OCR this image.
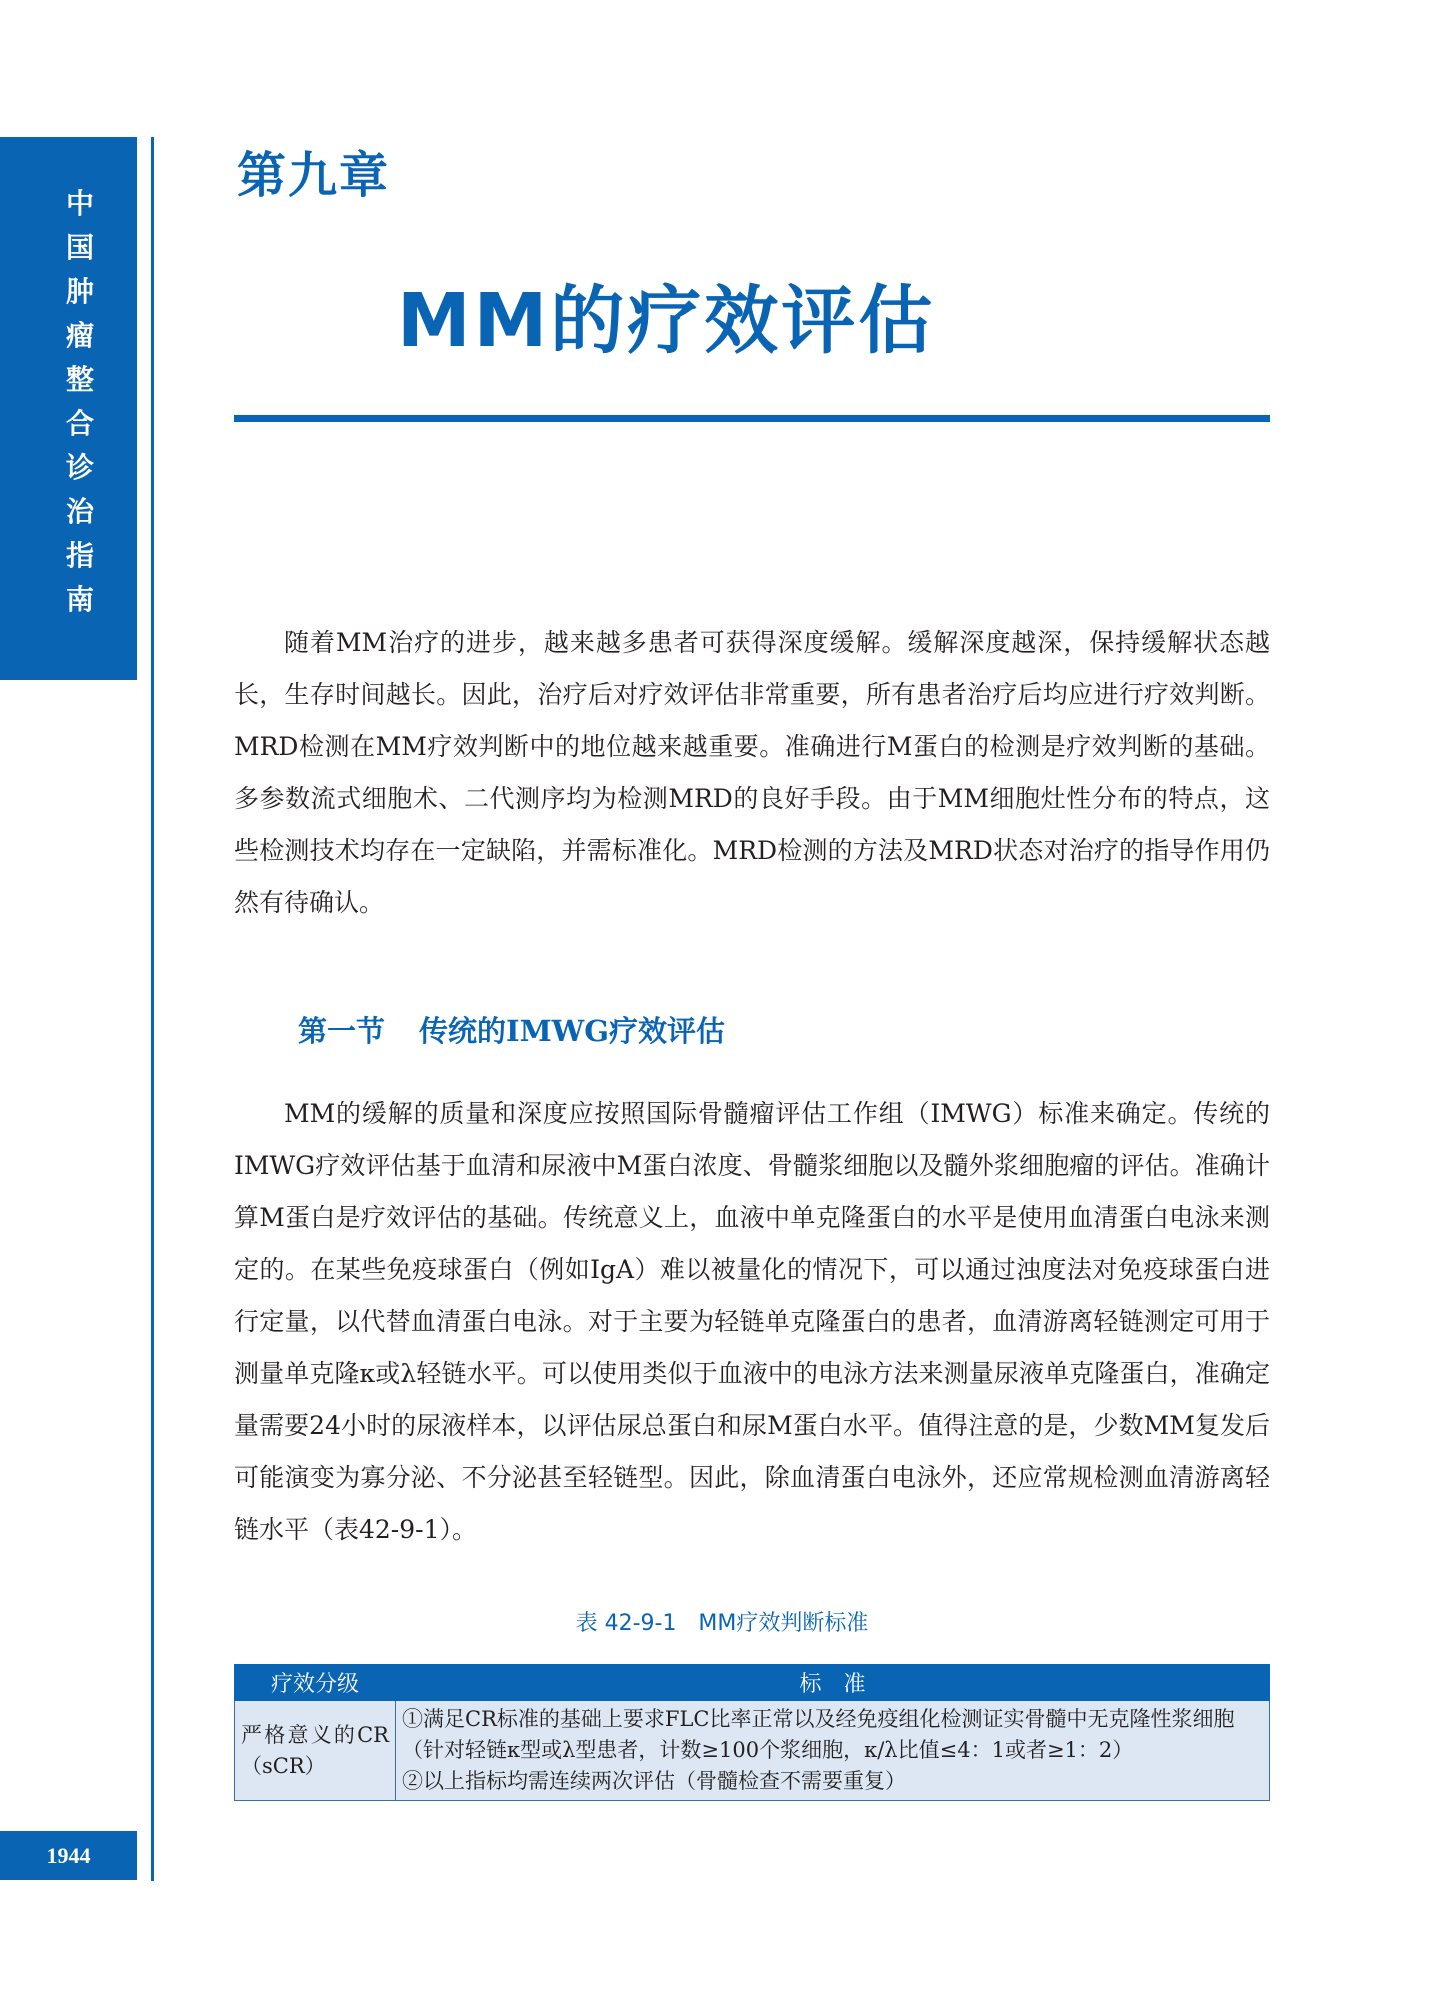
中
国
肿
瘤
整
合
诊
治
指
南
1944
第九章
MM的疗效评估

随着MM治疗的进步，越来越多患者可获得深度缓解。缓解深度越深，保持缓解状态越长，生存时间越长。因此，治疗后对疗效评估非常重要，所有患者治疗后均应进行疗效判断。MRD检测在MM疗效判断中的地位越来越重要。准确进行M蛋白的检测是疗效判断的基础。多参数流式细胞术、二代测序均为检测MRD的良好手段。由于MM细胞灶性分布的特点，这些检测技术均存在一定缺陷，并需标准化。MRD检测的方法及MRD状态对治疗的指导作用仍然有待确认。

第一节 传统的IMWG疗效评估

MM的缓解的质量和深度应按照国际骨髓瘤评估工作组（IMWG）标准来确定。传统的IMWG疗效评估基于血清和尿液中M蛋白浓度、骨髓浆细胞以及髓外浆细胞瘤的评估。准确计算M蛋白是疗效评估的基础。传统意义上，血液中单克隆蛋白的水平是使用血清蛋白电泳来测定的。在某些免疫球蛋白（例如IgA）难以被量化的情况下，可以通过浊度法对免疫球蛋白进行定量，以代替血清蛋白电泳。对于主要为轻链单克隆蛋白的患者，血清游离轻链测定可用于测量单克隆κ或λ轻链水平。可以使用类似于血液中的电泳方法来测量尿液单克隆蛋白，准确定量需要24小时的尿液样本，以评估尿总蛋白和尿M蛋白水平。值得注意的是，少数MM复发后可能演变为寡分泌、不分泌甚至轻链型。因此，除血清蛋白电泳外，还应常规检测血清游离轻链水平（表42-9-1）。

表 42-9-1　MM疗效判断标准
疗效分级	标　准
严格意义的CR（sCR）	①满足CR标准的基础上要求FLC比率正常以及经免疫组化检测证实骨髓中无克隆性浆细胞（针对轻链κ型或λ型患者，计数≥100个浆细胞，κ/λ比值≤4：1或者≥1：2）
②以上指标均需连续两次评估（骨髓检查不需要重复）
